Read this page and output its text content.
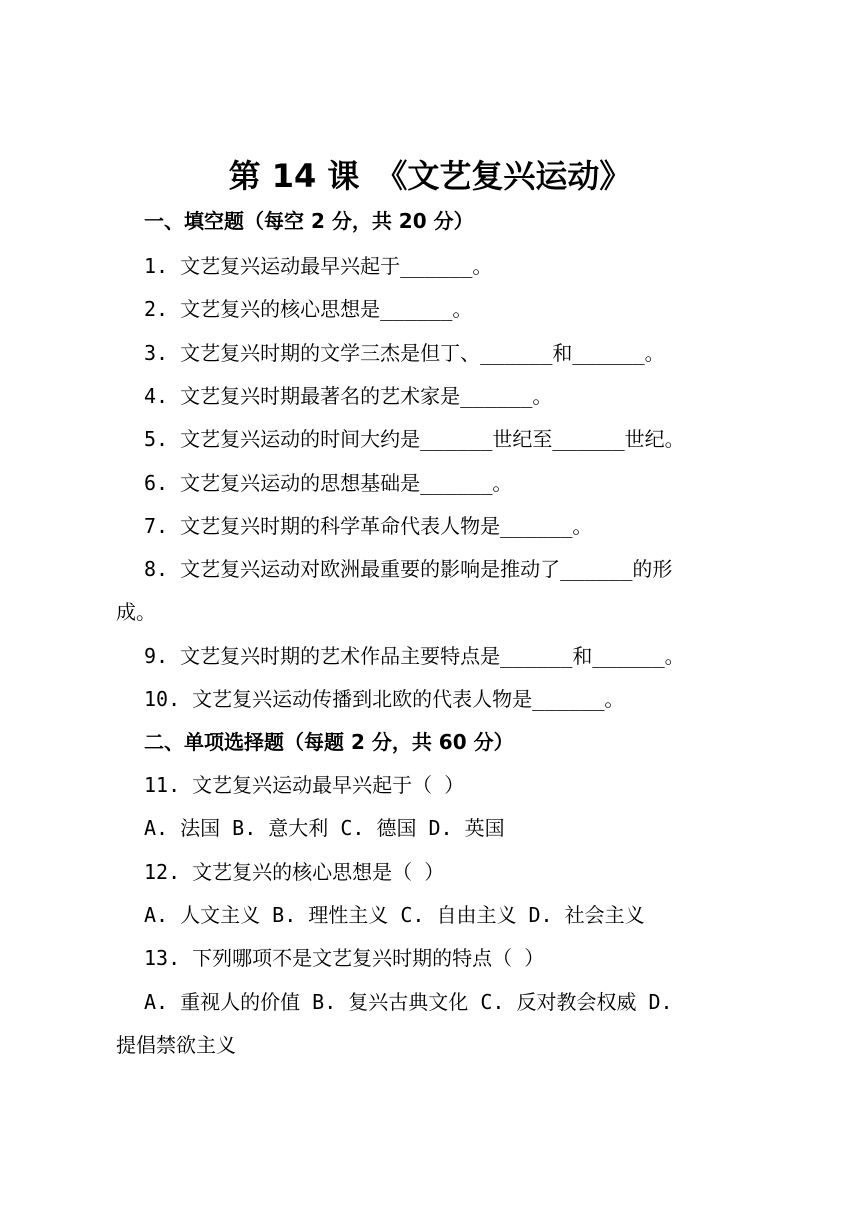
第 14 课　《文艺复兴运动》
一、填空题（每空 2 分，共 20 分）
1. 文艺复兴运动最早兴起于______。
2. 文艺复兴的核心思想是______。
3. 文艺复兴时期的文学三杰是但丁、______和______。
4. 文艺复兴时期最著名的艺术家是______。
5. 文艺复兴运动的时间大约是______世纪至______世纪。
6. 文艺复兴运动的思想基础是______。
7. 文艺复兴时期的科学革命代表人物是______。
8. 文艺复兴运动对欧洲最重要的影响是推动了______的形
成。
9. 文艺复兴时期的艺术作品主要特点是______和______。
10. 文艺复兴运动传播到北欧的代表人物是______。
二、单项选择题（每题 2 分，共 60 分）
11. 文艺复兴运动最早兴起于（ ）
A. 法国 B. 意大利 C. 德国 D. 英国
12. 文艺复兴的核心思想是（ ）
A. 人文主义 B. 理性主义 C. 自由主义 D. 社会主义
13. 下列哪项不是文艺复兴时期的特点（ ）
A. 重视人的价值 B. 复兴古典文化 C. 反对教会权威 D.
提倡禁欲主义
